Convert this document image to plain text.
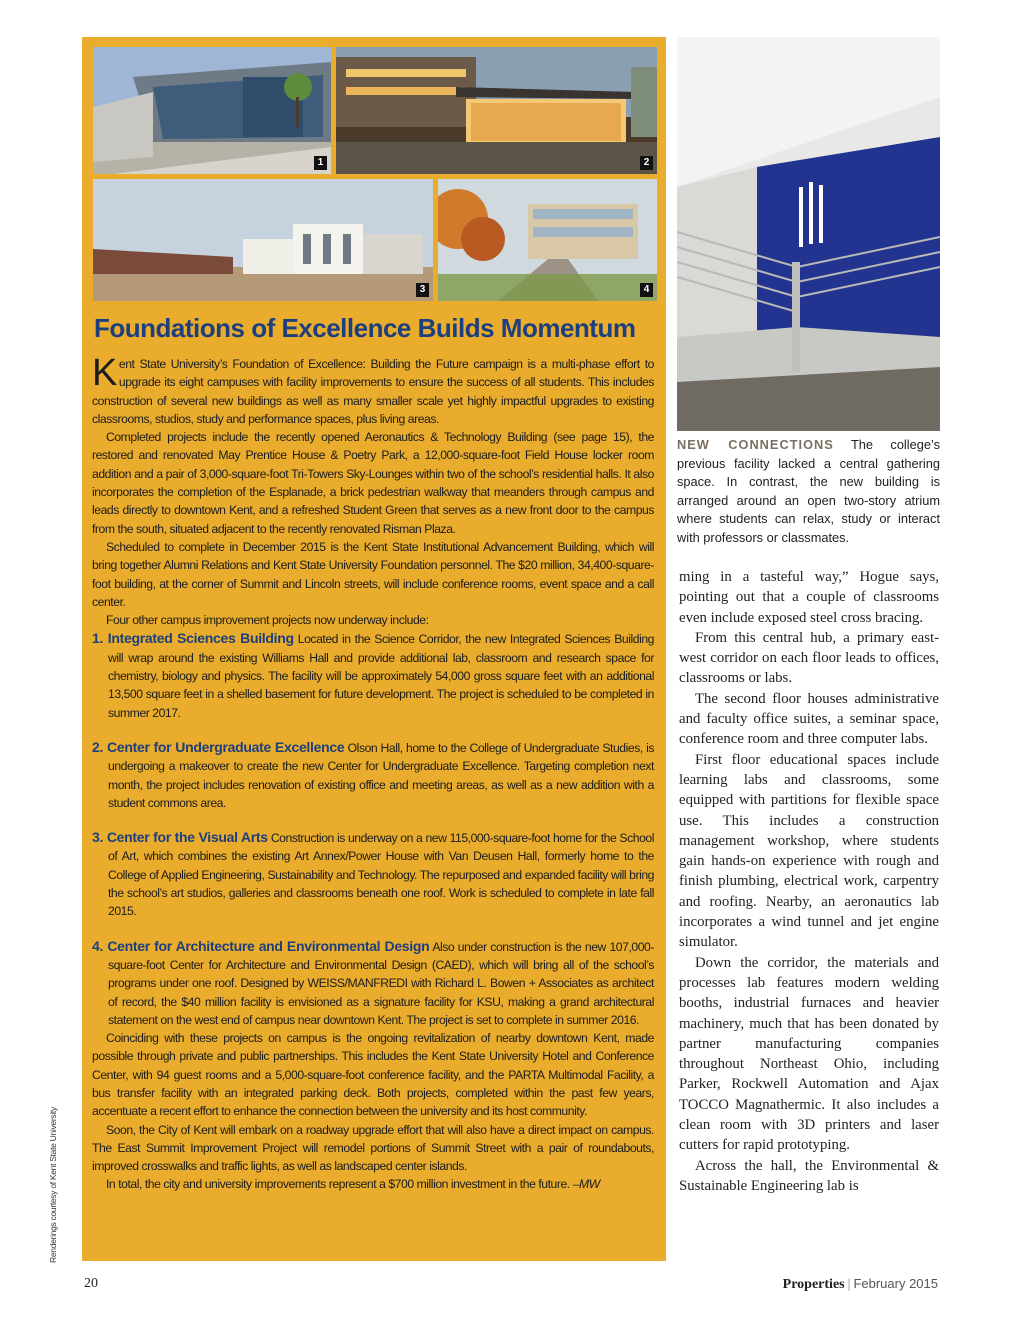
1	2
3	4
Foundations of Excellence Builds Momentum

Kent State University’s Foundation of Excellence: Building the Future campaign is a multi-phase effort to upgrade its eight campuses with facility improvements to ensure the success of all students. This includes construction of several new buildings as well as many smaller scale yet highly impactful upgrades to existing classrooms, studios, study and performance spaces, plus living areas.

Completed projects include the recently opened Aeronautics & Technology Building (see page 15), the restored and renovated May Prentice House & Poetry Park, a 12,000-square-foot Field House locker room addition and a pair of 3,000-square-foot Tri-Towers Sky-Lounges within two of the school’s residential halls. It also incorporates the completion of the Esplanade, a brick pedestrian walkway that meanders through campus and leads directly to downtown Kent, and a refreshed Student Green that serves as a new front door to the campus from the south, situated adjacent to the recently renovated Risman Plaza.

Scheduled to complete in December 2015 is the Kent State Institutional Advancement Building, which will bring together Alumni Relations and Kent State University Foundation personnel. The $20 million, 34,400-square-foot building, at the corner of Summit and Lincoln streets, will include conference rooms, event space and a call center.

Four other campus improvement projects now underway include:

1. Integrated Sciences Building Located in the Science Corridor, the new Integrated Sciences Building will wrap around the existing Williams Hall and provide additional lab, classroom and research space for chemistry, biology and physics. The facility will be approximately 54,000 gross square feet with an additional 13,500 square feet in a shelled basement for future development. The project is scheduled to be completed in summer 2017.

2. Center for Undergraduate Excellence Olson Hall, home to the College of Undergraduate Studies, is undergoing a makeover to create the new Center for Undergraduate Excellence. Targeting completion next month, the project includes renovation of existing office and meeting areas, as well as a new addition with a student commons area.

3. Center for the Visual Arts Construction is underway on a new 115,000-square-foot home for the School of Art, which combines the existing Art Annex/Power House with Van Deusen Hall, formerly home to the College of Applied Engineering, Sustainability and Technology. The repurposed and expanded facility will bring the school’s art studios, galleries and classrooms beneath one roof. Work is scheduled to complete in late fall 2015.

4. Center for Architecture and Environmental Design Also under construction is the new 107,000-square-foot Center for Architecture and Environmental Design (CAED), which will bring all of the school’s programs under one roof. Designed by WEISS/MANFREDI with Richard L. Bowen + Associates as architect of record, the $40 million facility is envisioned as a signature facility for KSU, making a grand architectural statement on the west end of campus near downtown Kent. The project is set to complete in summer 2016.

Coinciding with these projects on campus is the ongoing revitalization of nearby downtown Kent, made possible through private and public partnerships. This includes the Kent State University Hotel and Conference Center, with 94 guest rooms and a 5,000-square-foot conference facility, and the PARTA Multimodal Facility, a bus transfer facility with an integrated parking deck. Both projects, completed within the past few years, accentuate a recent effort to enhance the connection between the university and its host community.

Soon, the City of Kent will embark on a roadway upgrade effort that will also have a direct impact on campus. The East Summit Improvement Project will remodel portions of Summit Street with a pair of roundabouts, improved crosswalks and traffic lights, as well as landscaped center islands.

In total, the city and university improvements represent a $700 million investment in the future. –MW

NEW CONNECTIONS The college’s previous facility lacked a central gathering space. In contrast, the new building is arranged around an open two-story atrium where students can relax, study or interact with professors or classmates.

ming in a tasteful way,” Hogue says, pointing out that a couple of classrooms even include exposed steel cross bracing.

From this central hub, a primary east-west corridor on each floor leads to offices, classrooms or labs.

The second floor houses administrative and faculty office suites, a seminar space, conference room and three computer labs.

First floor educational spaces include learning labs and classrooms, some equipped with partitions for flexible space use. This includes a construction management workshop, where students gain hands-on experience with rough and finish plumbing, electrical work, carpentry and roofing. Nearby, an aeronautics lab incorporates a wind tunnel and jet engine simulator.

Down the corridor, the materials and processes lab features modern welding booths, industrial furnaces and heavier machinery, much that has been donated by partner manufacturing companies throughout Northeast Ohio, including Parker, Rockwell Automation and Ajax TOCCO Magnathermic. It also includes a clean room with 3D printers and laser cutters for rapid prototyping.

Across the hall, the Environmental & Sustainable Engineering lab is

Renderings courtesy of Kent State University
20	Properties | February 2015
